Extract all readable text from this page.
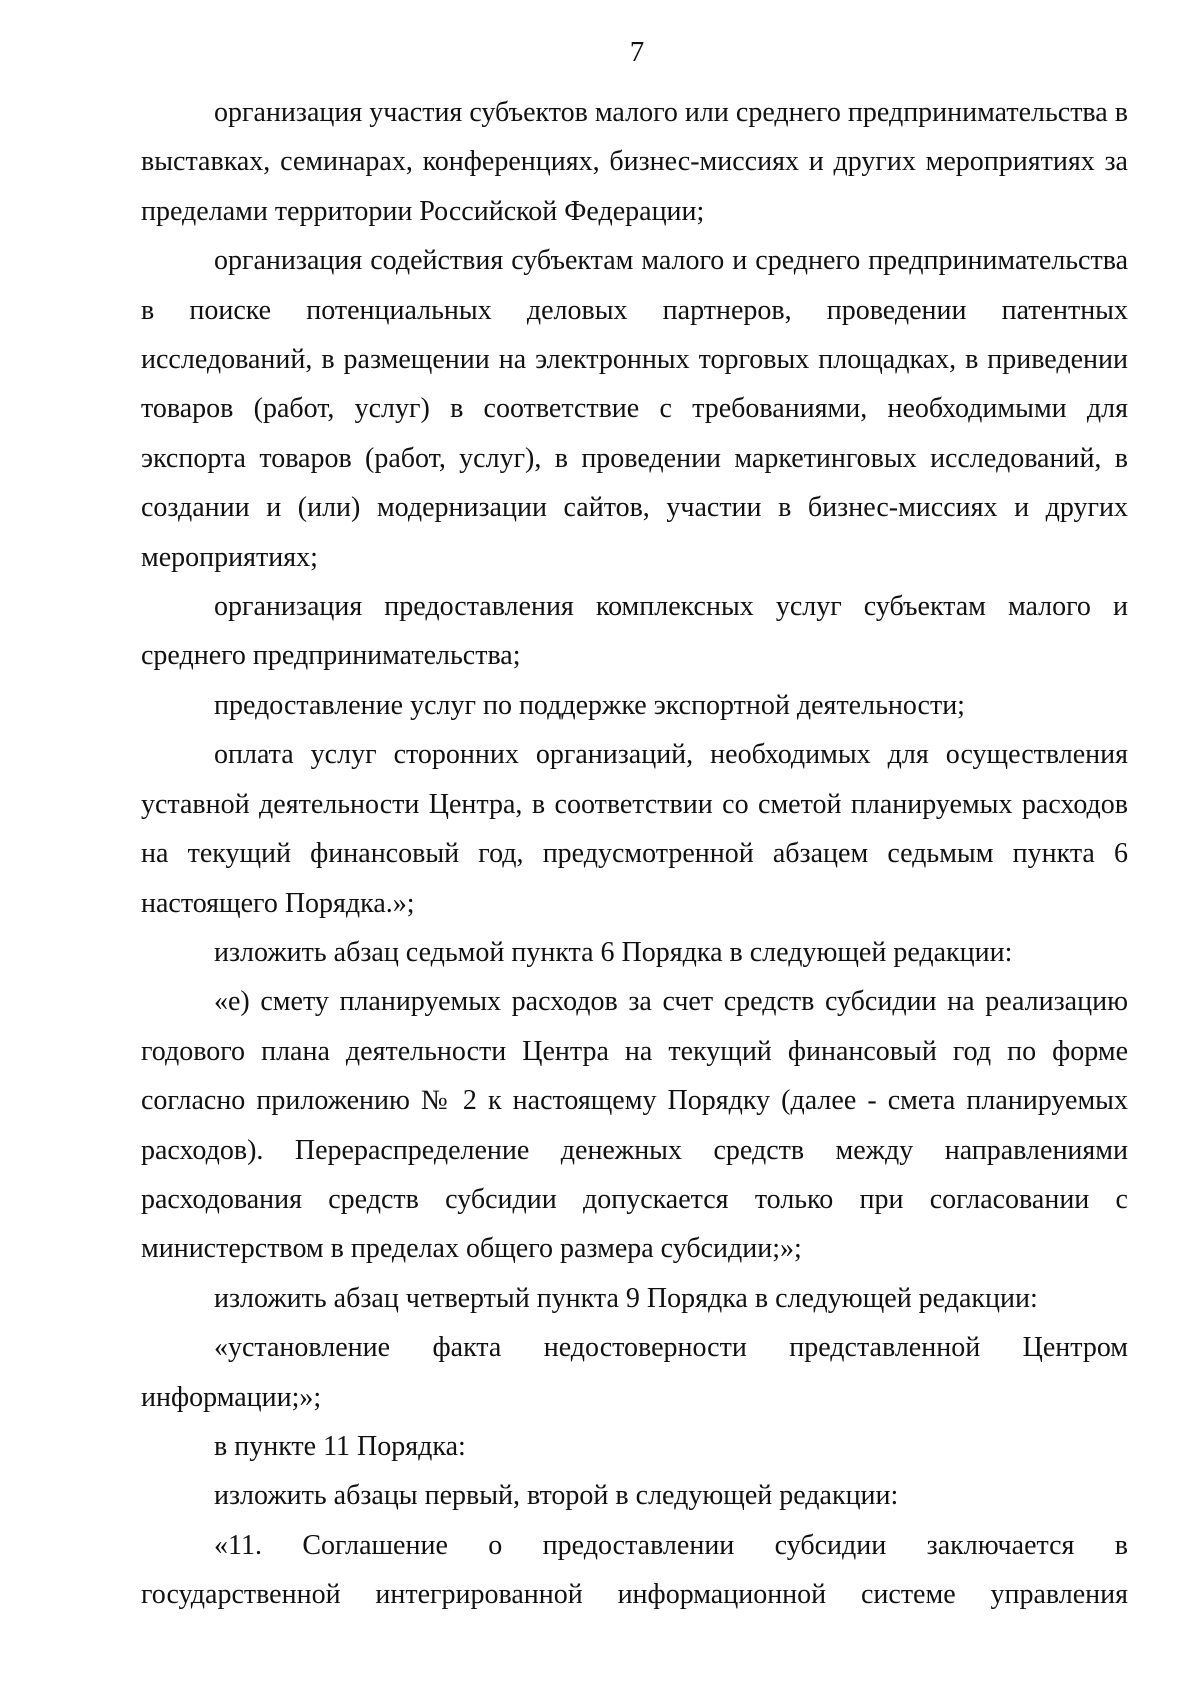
7

организация участия субъектов малого или среднего предпринимательства в выставках, семинарах, конференциях, бизнес-миссиях и других мероприятиях за пределами территории Российской Федерации;

организация содействия субъектам малого и среднего предпринимательства в поиске потенциальных деловых партнеров, проведении патентных исследований, в размещении на электронных торговых площадках, в приведении товаров (работ, услуг) в соответствие с требованиями, необходимыми для экспорта товаров (работ, услуг), в проведении маркетинговых исследований, в создании и (или) модернизации сайтов, участии в бизнес-миссиях и других мероприятиях;

организация предоставления комплексных услуг субъектам малого и среднего предпринимательства;

предоставление услуг по поддержке экспортной деятельности;

оплата услуг сторонних организаций, необходимых для осуществления уставной деятельности Центра, в соответствии со сметой планируемых расходов на текущий финансовый год, предусмотренной абзацем седьмым пункта 6 настоящего Порядка.»;

изложить абзац седьмой пункта 6 Порядка в следующей редакции:

«е) смету планируемых расходов за счет средств субсидии на реализацию годового плана деятельности Центра на текущий финансовый год по форме согласно приложению № 2 к настоящему Порядку (далее - смета планируемых расходов). Перераспределение денежных средств между направлениями расходования средств субсидии допускается только при согласовании с министерством в пределах общего размера субсидии;»;

изложить абзац четвертый пункта 9 Порядка в следующей редакции:

«установление факта недостоверности представленной Центром информации;»;

в пункте 11 Порядка:

изложить абзацы первый, второй в следующей редакции:

«11. Соглашение о предоставлении субсидии заключается в государственной интегрированной информационной системе управления
